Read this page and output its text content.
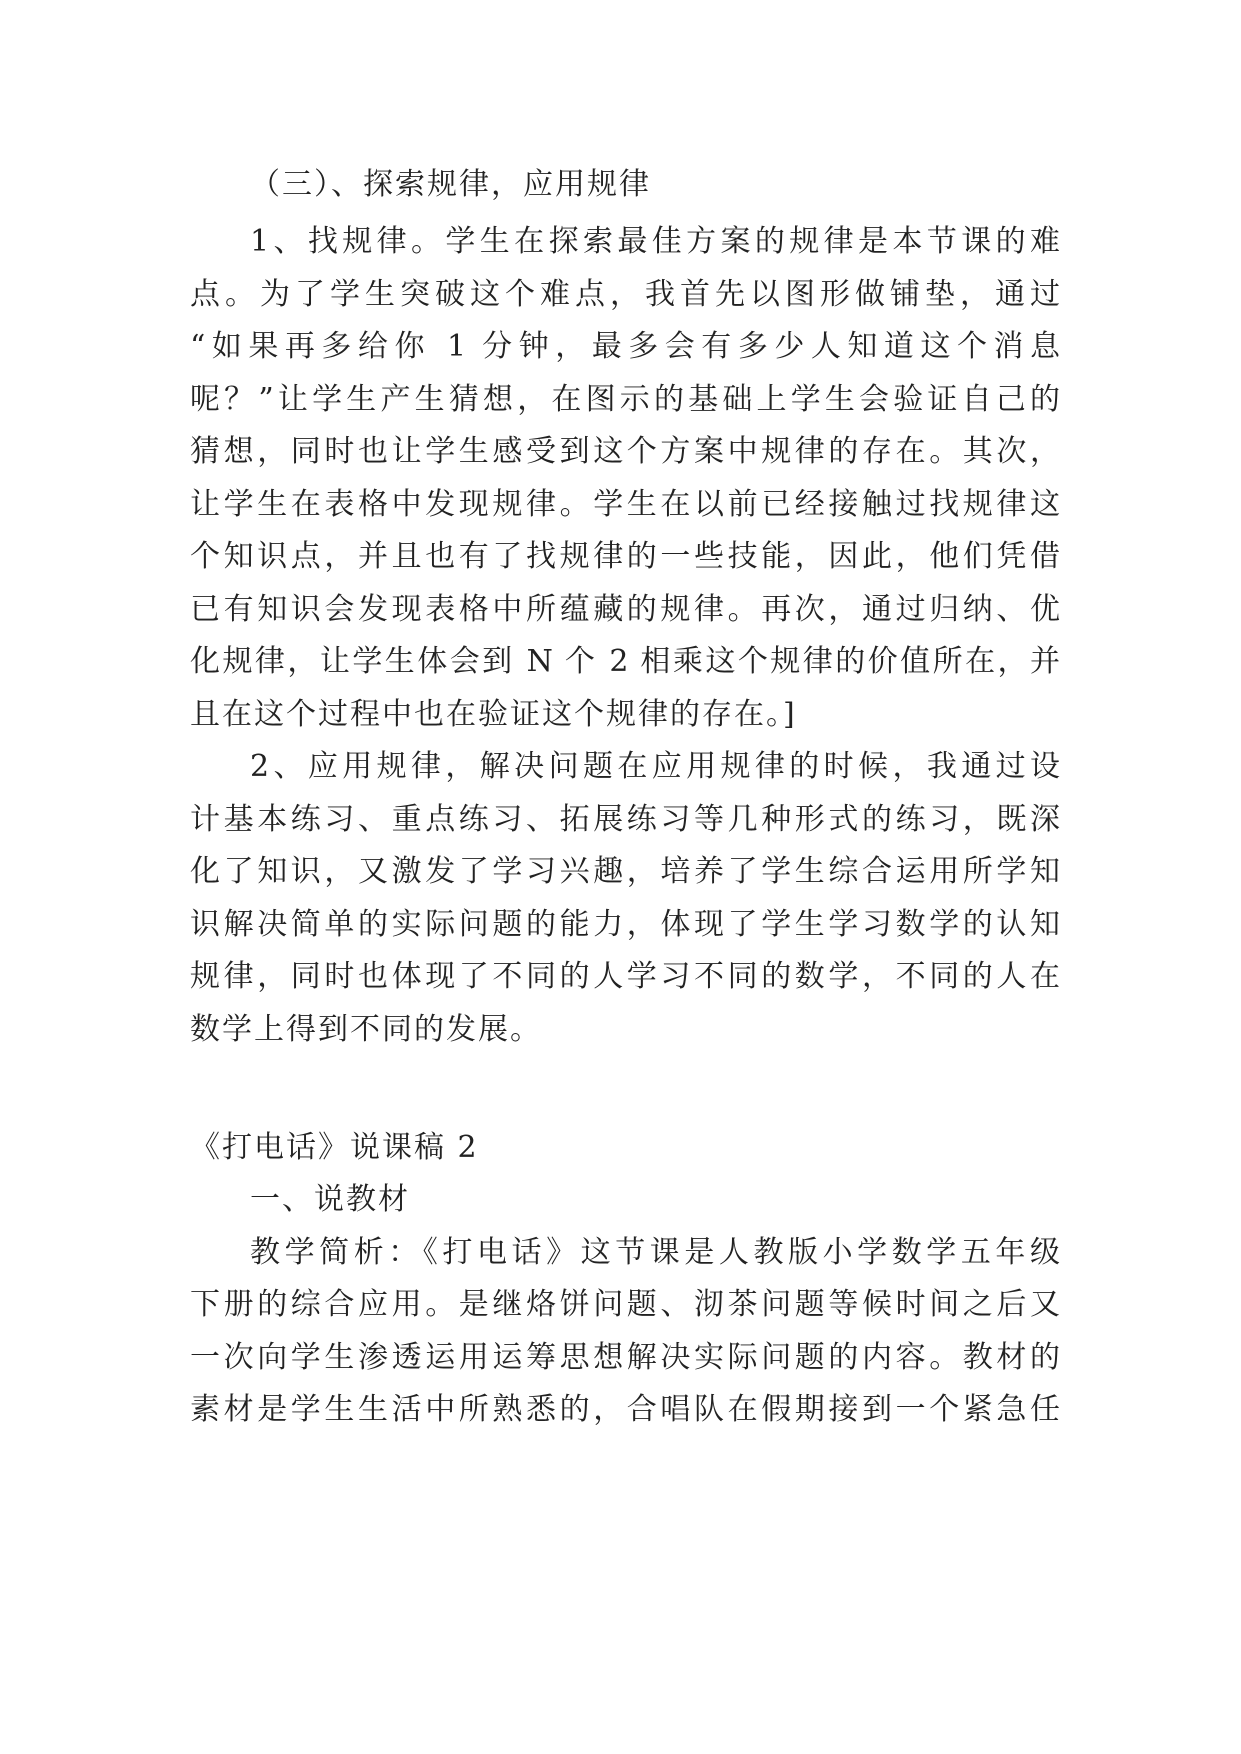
（三）、探索规律，应用规律
1、找规律。学生在探索最佳方案的规律是本节课的难
点。为了学生突破这个难点，我首先以图形做铺垫，通过
“如果再多给你 1 分钟，最多会有多少人知道这个消息
呢？”让学生产生猜想，在图示的基础上学生会验证自己的
猜想，同时也让学生感受到这个方案中规律的存在。其次，
让学生在表格中发现规律。学生在以前已经接触过找规律这
个知识点，并且也有了找规律的一些技能，因此，他们凭借
已有知识会发现表格中所蕴藏的规律。再次，通过归纳、优
化规律，让学生体会到 N 个 2 相乘这个规律的价值所在，并
且在这个过程中也在验证这个规律的存在。]
2、应用规律，解决问题在应用规律的时候，我通过设
计基本练习、重点练习、拓展练习等几种形式的练习，既深
化了知识，又激发了学习兴趣，培养了学生综合运用所学知
识解决简单的实际问题的能力，体现了学生学习数学的认知
规律，同时也体现了不同的人学习不同的数学，不同的人在
数学上得到不同的发展。
《打电话》说课稿 2
一、说教材
教学简析：《打电话》这节课是人教版小学数学五年级
下册的综合应用。是继烙饼问题、沏茶问题等候时间之后又
一次向学生渗透运用运筹思想解决实际问题的内容。教材的
素材是学生生活中所熟悉的，合唱队在假期接到一个紧急任
